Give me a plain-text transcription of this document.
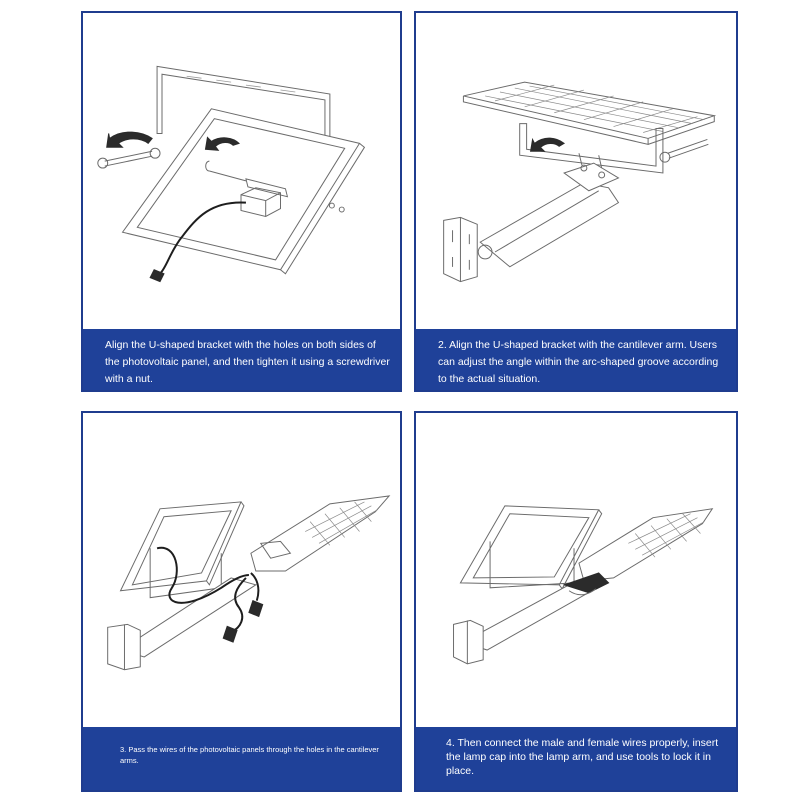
Align the U-shaped bracket with the holes on both sides of the photovoltaic panel, and then tighten it using a screwdriver with a nut.
2. Align the U-shaped bracket with the cantilever arm. Users can adjust the angle within the arc-shaped groove according to the actual situation.
3. Pass the wires of the photovoltaic panels through the holes in the cantilever arms.
4. Then connect the male and female wires properly, insert the lamp cap into the lamp arm, and use tools to lock it in place.
